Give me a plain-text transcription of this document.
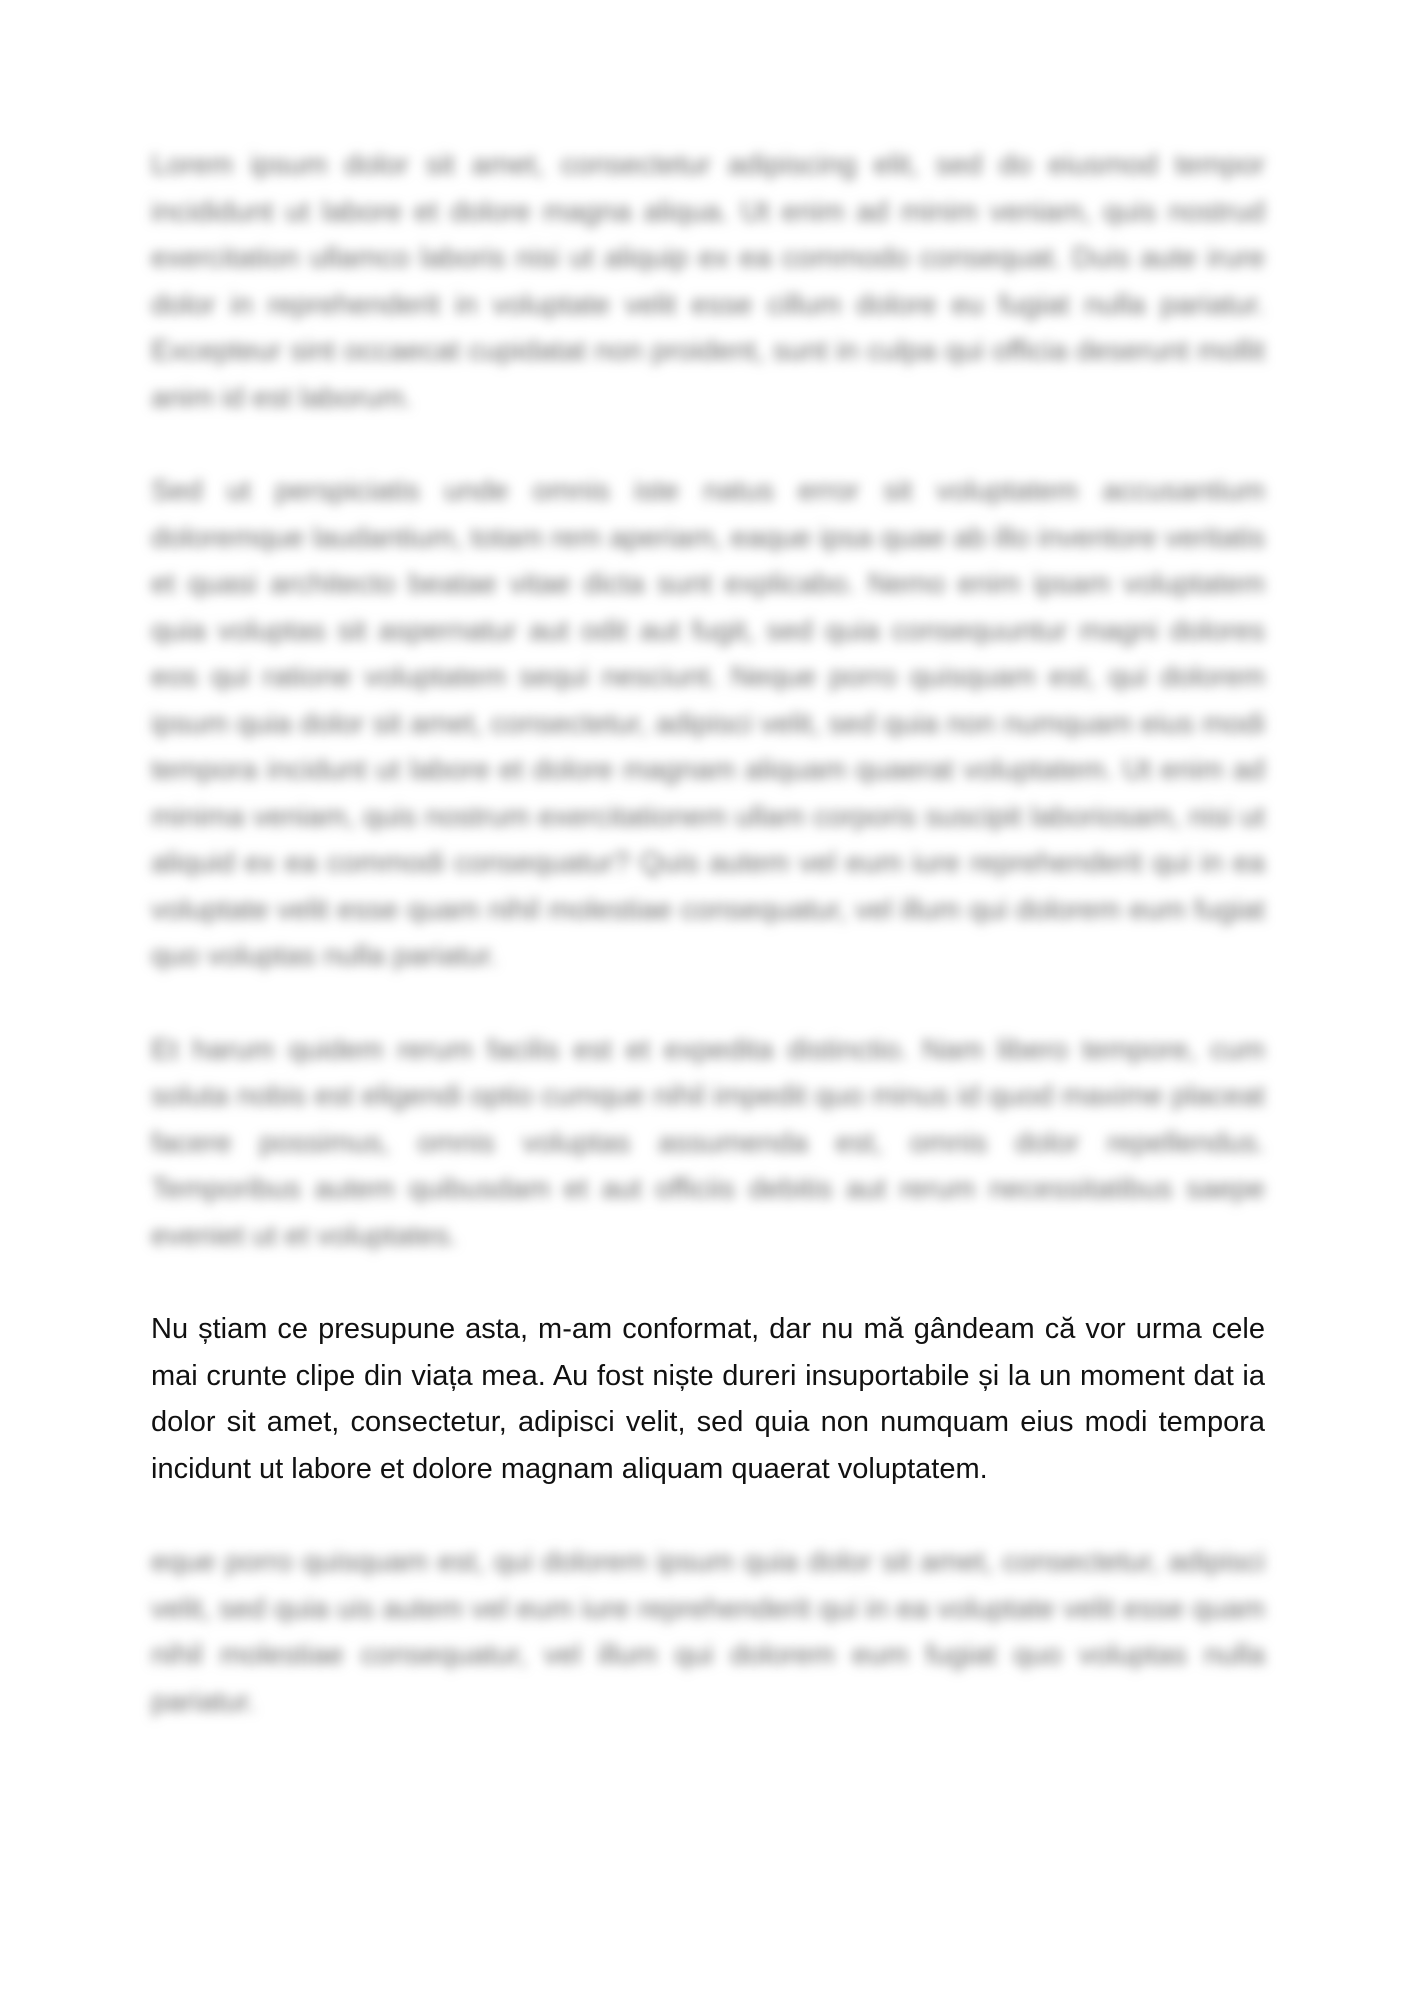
Lorem ipsum dolor sit amet, consectetur adipiscing elit, sed do eiusmod tempor incididunt ut labore et dolore magna aliqua. Ut enim ad minim veniam, quis nostrud exercitation ullamco laboris nisi ut aliquip ex ea commodo consequat. Duis aute irure dolor in reprehenderit in voluptate velit esse cillum dolore eu fugiat nulla pariatur. Excepteur sint occaecat cupidatat non proident, sunt in culpa qui officia deserunt mollit anim id est laborum.

Sed ut perspiciatis unde omnis iste natus error sit voluptatem accusantium doloremque laudantium, totam rem aperiam, eaque ipsa quae ab illo inventore veritatis et quasi architecto beatae vitae dicta sunt explicabo. Nemo enim ipsam voluptatem quia voluptas sit aspernatur aut odit aut fugit, sed quia consequuntur magni dolores eos qui ratione voluptatem sequi nesciunt. Neque porro quisquam est, qui dolorem ipsum quia dolor sit amet, consectetur, adipisci velit, sed quia non numquam eius modi tempora incidunt ut labore et dolore magnam aliquam quaerat voluptatem. Ut enim ad minima veniam, quis nostrum exercitationem ullam corporis suscipit laboriosam, nisi ut aliquid ex ea commodi consequatur? Quis autem vel eum iure reprehenderit qui in ea voluptate velit esse quam nihil molestiae consequatur, vel illum qui dolorem eum fugiat quo voluptas nulla pariatur.

Et harum quidem rerum facilis est et expedita distinctio. Nam libero tempore, cum soluta nobis est eligendi optio cumque nihil impedit quo minus id quod maxime placeat facere possimus, omnis voluptas assumenda est, omnis dolor repellendus. Temporibus autem quibusdam et aut officiis debitis aut rerum necessitatibus saepe eveniet ut et voluptates.

Nu știam ce presupune asta, m-am conformat, dar nu mă gândeam că vor urma cele mai crunte clipe din viața mea. Au fost niște dureri insuportabile și la un moment dat ia dolor sit amet, consectetur, adipisci velit, sed quia non numquam eius modi tempora incidunt ut labore et dolore magnam aliquam quaerat voluptatem.

eque porro quisquam est, qui dolorem ipsum quia dolor sit amet, consectetur, adipisci velit, sed quia uis autem vel eum iure reprehenderit qui in ea voluptate velit esse quam nihil molestiae consequatur, vel illum qui dolorem eum fugiat quo voluptas nulla pariatur.
